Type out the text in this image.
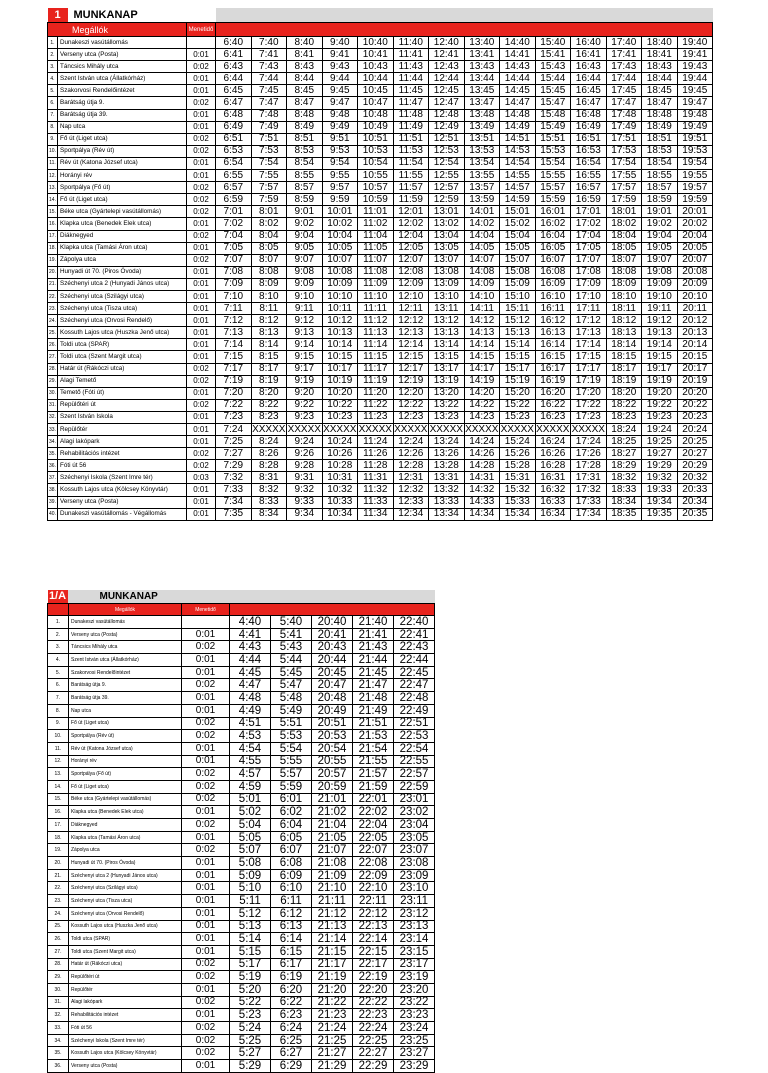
1 MUNKANAP																

Megállók		Menetidő														
1.	Dunakeszi vasútállomás		6:40	7:40	8:40	9:40	10:40	11:40	12:40	13:40	14:40	15:40	16:40	17:40	18:40	19:40
2.	Verseny utca (Posta)	0:01	6:41	7:41	8:41	9:41	10:41	11:41	12:41	13:41	14:41	15:41	16:41	17:41	18:41	19:41
3.	Táncsics Mihály utca	0:02	6:43	7:43	8:43	9:43	10:43	11:43	12:43	13:43	14:43	15:43	16:43	17:43	18:43	19:43
4.	Szent István utca (Állatkórház)	0:01	6:44	7:44	8:44	9:44	10:44	11:44	12:44	13:44	14:44	15:44	16:44	17:44	18:44	19:44
5.	Szakorvosi Rendelőintézet	0:01	6:45	7:45	8:45	9:45	10:45	11:45	12:45	13:45	14:45	15:45	16:45	17:45	18:45	19:45
6.	Barátság útja 9.	0:02	6:47	7:47	8:47	9:47	10:47	11:47	12:47	13:47	14:47	15:47	16:47	17:47	18:47	19:47
7.	Barátság útja 39.	0:01	6:48	7:48	8:48	9:48	10:48	11:48	12:48	13:48	14:48	15:48	16:48	17:48	18:48	19:48
8.	Nap utca	0:01	6:49	7:49	8:49	9:49	10:49	11:49	12:49	13:49	14:49	15:49	16:49	17:49	18:49	19:49
9.	Fő út (Liget utca)	0:02	6:51	7:51	8:51	9:51	10:51	11:51	12:51	13:51	14:51	15:51	16:51	17:51	18:51	19:51
10.	Sportpálya (Rév út)	0:02	6:53	7:53	8:53	9:53	10:53	11:53	12:53	13:53	14:53	15:53	16:53	17:53	18:53	19:53
11.	Rév út (Katona József utca)	0:01	6:54	7:54	8:54	9:54	10:54	11:54	12:54	13:54	14:54	15:54	16:54	17:54	18:54	19:54
12.	Horányi rév	0:01	6:55	7:55	8:55	9:55	10:55	11:55	12:55	13:55	14:55	15:55	16:55	17:55	18:55	19:55
13.	Sportpálya (Fő út)	0:02	6:57	7:57	8:57	9:57	10:57	11:57	12:57	13:57	14:57	15:57	16:57	17:57	18:57	19:57
14.	Fő út (Liget utca)	0:02	6:59	7:59	8:59	9:59	10:59	11:59	12:59	13:59	14:59	15:59	16:59	17:59	18:59	19:59
15.	Béke utca (Gyártelepi vasútállomás)	0:02	7:01	8:01	9:01	10:01	11:01	12:01	13:01	14:01	15:01	16:01	17:01	18:01	19:01	20:01
16.	Klapka utca (Benedek Elek utca)	0:01	7:02	8:02	9:02	10:02	11:02	12:02	13:02	14:02	15:02	16:02	17:02	18:02	19:02	20:02
17.	Diáknegyed	0:02	7:04	8:04	9:04	10:04	11:04	12:04	13:04	14:04	15:04	16:04	17:04	18:04	19:04	20:04
18.	Klapka utca (Tamási Áron utca)	0:01	7:05	8:05	9:05	10:05	11:05	12:05	13:05	14:05	15:05	16:05	17:05	18:05	19:05	20:05
19.	Zápolya utca	0:02	7:07	8:07	9:07	10:07	11:07	12:07	13:07	14:07	15:07	16:07	17:07	18:07	19:07	20:07
20.	Hunyadi út 70. (Piros Óvoda)	0:01	7:08	8:08	9:08	10:08	11:08	12:08	13:08	14:08	15:08	16:08	17:08	18:08	19:08	20:08
21.	Széchenyi utca 2 (Hunyadi János utca)	0:01	7:09	8:09	9:09	10:09	11:09	12:09	13:09	14:09	15:09	16:09	17:09	18:09	19:09	20:09
22.	Széchenyi utca (Szilágyi utca)	0:01	7:10	8:10	9:10	10:10	11:10	12:10	13:10	14:10	15:10	16:10	17:10	18:10	19:10	20:10
23.	Széchenyi utca (Tisza utca)	0:01	7:11	8:11	9:11	10:11	11:11	12:11	13:11	14:11	15:11	16:11	17:11	18:11	19:11	20:11
24.	Széchenyi utca (Orvosi Rendelő)	0:01	7:12	8:12	9:12	10:12	11:12	12:12	13:12	14:12	15:12	16:12	17:12	18:12	19:12	20:12
25.	Kossuth Lajos utca (Huszka Jenő utca)	0:01	7:13	8:13	9:13	10:13	11:13	12:13	13:13	14:13	15:13	16:13	17:13	18:13	19:13	20:13
26.	Toldi utca (SPAR)	0:01	7:14	8:14	9:14	10:14	11:14	12:14	13:14	14:14	15:14	16:14	17:14	18:14	19:14	20:14
27.	Toldi utca (Szent Margit utca)	0:01	7:15	8:15	9:15	10:15	11:15	12:15	13:15	14:15	15:15	16:15	17:15	18:15	19:15	20:15
28.	Határ út (Rákóczi utca)	0:02	7:17	8:17	9:17	10:17	11:17	12:17	13:17	14:17	15:17	16:17	17:17	18:17	19:17	20:17
29.	Alagi Temető	0:02	7:19	8:19	9:19	10:19	11:19	12:19	13:19	14:19	15:19	16:19	17:19	18:19	19:19	20:19
30.	Temető (Fóti út)	0:01	7:20	8:20	9:20	10:20	11:20	12:20	13:20	14:20	15:20	16:20	17:20	18:20	19:20	20:20
31.	Repülőtéri út	0:02	7:22	8:22	9:22	10:22	11:22	12:22	13:22	14:22	15:22	16:22	17:22	18:22	19:22	20:22
32.	Szent István Iskola	0:01	7:23	8:23	9:23	10:23	11:23	12:23	13:23	14:23	15:23	16:23	17:23	18:23	19:23	20:23
33.	Repülőtér	0:01	7:24	XXXXX	XXXXX	XXXXX	XXXXX	XXXXX	XXXXX	XXXXX	XXXXX	XXXXX	XXXXX	18:24	19:24	20:24
34.	Alagi lakópark	0:01	7:25	8:24	9:24	10:24	11:24	12:24	13:24	14:24	15:24	16:24	17:24	18:25	19:25	20:25
35.	Rehabilitációs intézet	0:02	7:27	8:26	9:26	10:26	11:26	12:26	13:26	14:26	15:26	16:26	17:26	18:27	19:27	20:27
36.	Fóti út 56	0:02	7:29	8:28	9:28	10:28	11:28	12:28	13:28	14:28	15:28	16:28	17:28	18:29	19:29	20:29
37.	Széchenyi Iskola (Szent Imre tér)	0:03	7:32	8:31	9:31	10:31	11:31	12:31	13:31	14:31	15:31	16:31	17:31	18:32	19:32	20:32
38.	Kossuth Lajos utca (Kölcsey Könyvtár)	0:01	7:33	8:32	9:32	10:32	11:32	12:32	13:32	14:32	15:32	16:32	17:32	18:33	19:33	20:33
39.	Verseny utca (Posta)	0:01	7:34	8:33	9:33	10:33	11:33	12:33	13:33	14:33	15:33	16:33	17:33	18:34	19:34	20:34
40.	Dunakeszi vasútállomás - Végállomás	0:01	7:35	8:34	9:34	10:34	11:34	12:34	13:34	14:34	15:34	16:34	17:34	18:35	19:35	20:35
1/A MUNKANAP							
	Megállók	Menetidő					
1.	Dunakeszi vasútállomás		4:40	5:40	20:40	21:40	22:40
2.	Verseny utca (Posta)	0:01	4:41	5:41	20:41	21:41	22:41
3.	Táncsics Mihály utca	0:02	4:43	5:43	20:43	21:43	22:43
4.	Szent István utca (Állatkórház)	0:01	4:44	5:44	20:44	21:44	22:44
5.	Szakorvosi Rendelőintézet	0:01	4:45	5:45	20:45	21:45	22:45
6.	Barátság útja 9.	0:02	4:47	5:47	20:47	21:47	22:47
7.	Barátság útja 39.	0:01	4:48	5:48	20:48	21:48	22:48
8.	Nap utca	0:01	4:49	5:49	20:49	21:49	22:49
9.	Fő út (Liget utca)	0:02	4:51	5:51	20:51	21:51	22:51
10.	Sportpálya (Rév út)	0:02	4:53	5:53	20:53	21:53	22:53
11.	Rév út (Katona József utca)	0:01	4:54	5:54	20:54	21:54	22:54
12.	Horányi rév	0:01	4:55	5:55	20:55	21:55	22:55
13.	Sportpálya (Fő út)	0:02	4:57	5:57	20:57	21:57	22:57
14.	Fő út (Liget utca)	0:02	4:59	5:59	20:59	21:59	22:59
15.	Béke utca (Gyártelepi vasútállomás)	0:02	5:01	6:01	21:01	22:01	23:01
16.	Klapka utca (Benedek Elek utca)	0:01	5:02	6:02	21:02	22:02	23:02
17.	Diáknegyed	0:02	5:04	6:04	21:04	22:04	23:04
18.	Klapka utca (Tamási Áron utca)	0:01	5:05	6:05	21:05	22:05	23:05
19.	Zápolya utca	0:02	5:07	6:07	21:07	22:07	23:07
20.	Hunyadi út 70. (Piros Óvoda)	0:01	5:08	6:08	21:08	22:08	23:08
21.	Széchenyi utca 2 (Hunyadi János utca)	0:01	5:09	6:09	21:09	22:09	23:09
22.	Széchenyi utca (Szilágyi utca)	0:01	5:10	6:10	21:10	22:10	23:10
23.	Széchenyi utca (Tisza utca)	0:01	5:11	6:11	21:11	22:11	23:11
24.	Széchenyi utca (Orvosi Rendelő)	0:01	5:12	6:12	21:12	22:12	23:12
25.	Kossuth Lajos utca (Huszka Jenő utca)	0:01	5:13	6:13	21:13	22:13	23:13
26.	Toldi utca (SPAR)	0:01	5:14	6:14	21:14	22:14	23:14
27.	Toldi utca (Szent Margit utca)	0:01	5:15	6:15	21:15	22:15	23:15
28.	Határ út (Rákóczi utca)	0:02	5:17	6:17	21:17	22:17	23:17
29.	Repülőtéri út	0:02	5:19	6:19	21:19	22:19	23:19
30.	Repülőtér	0:01	5:20	6:20	21:20	22:20	23:20
31.	Alagi lakópark	0:02	5:22	6:22	21:22	22:22	23:22
32.	Rehabilitációs intézet	0:01	5:23	6:23	21:23	22:23	23:23
33.	Fóti út 56	0:02	5:24	6:24	21:24	22:24	23:24
34.	Széchenyi Iskola (Szent Imre tér)	0:02	5:25	6:25	21:25	22:25	23:25
35.	Kossuth Lajos utca (Kölcsey Könyvtár)	0:02	5:27	6:27	21:27	22:27	23:27
36.	Verseny utca (Posta)	0:01	5:29	6:29	21:29	22:29	23:29
